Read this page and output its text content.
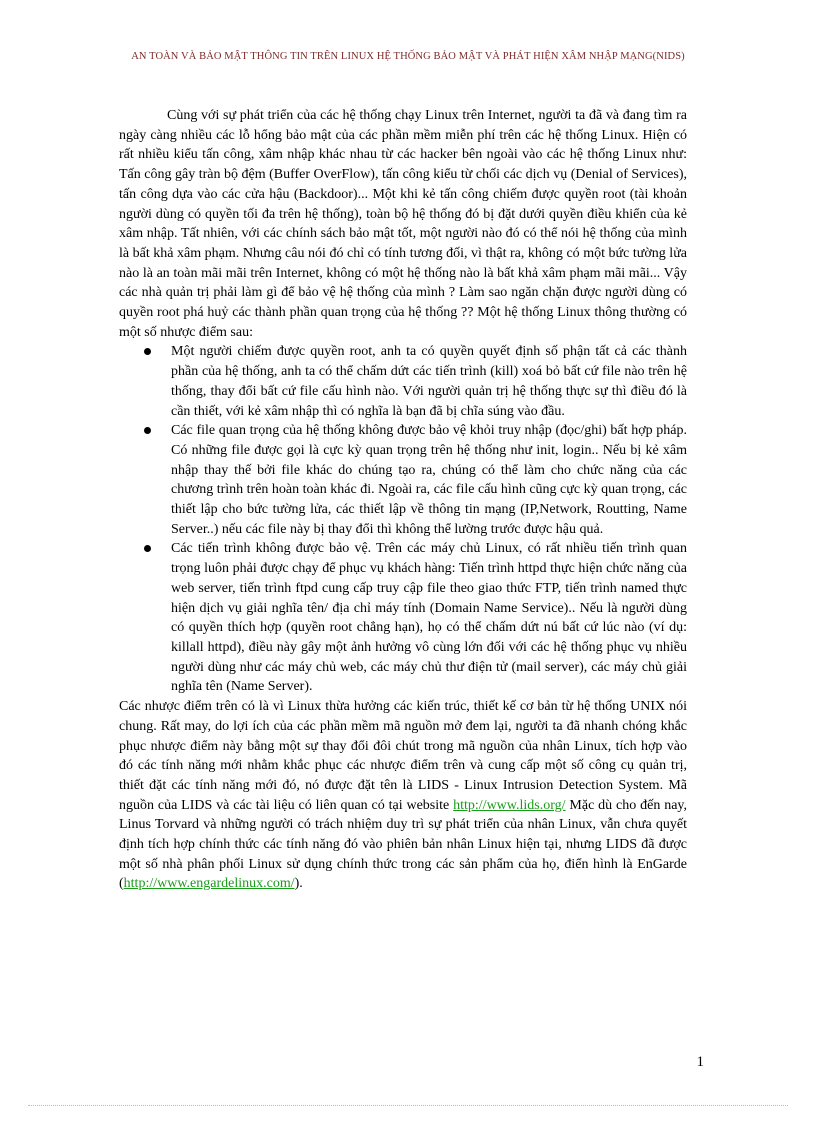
AN TOÀN VÀ BẢO MẬT THÔNG TIN TRÊN LINUX HỆ THỐNG BẢO MẬT VÀ PHÁT HIỆN XÂM NHẬP MẠNG(NIDS)

Cùng với sự phát triển của các hệ thống chạy Linux trên Internet, người ta đã và đang tìm ra ngày càng nhiều các lỗ hổng bảo mật của các phần mềm miễn phí trên các hệ thống Linux. Hiện có rất nhiều kiểu tấn công, xâm nhập khác nhau từ các hacker bên ngoài vào các hệ thống Linux như: Tấn công gây tràn bộ đệm (Buffer OverFlow), tấn công kiểu từ chối các dịch vụ (Denial of Services), tấn công dựa vào các cửa hậu (Backdoor)... Một khi kẻ tấn công chiếm được quyền root (tài khoản người dùng có quyền tối đa trên hệ thống), toàn bộ hệ thống đó bị đặt dưới quyền điều khiển của kẻ xâm nhập. Tất nhiên, với các chính sách bảo mật tốt, một người nào đó có thể nói hệ thống của mình là bất khả xâm phạm. Nhưng câu nói đó chỉ có tính tương đối, vì thật ra, không có một bức tường lửa nào là an toàn mãi mãi trên Internet, không có một hệ thống nào là bất khả xâm phạm mãi mãi... Vậy các nhà quản trị phải làm gì để bảo vệ hệ thống của mình ? Làm sao ngăn chặn được người dùng có quyền root phá huỷ các thành phần quan trọng của hệ thống ?? Một hệ thống Linux thông thường có một số nhược điểm sau:

Một người chiếm được quyền root, anh ta có quyền quyết định số phận tất cả các thành phần của hệ thống, anh ta có thể chấm dứt các tiến trình (kill) xoá bỏ bất cứ file nào trên hệ thống, thay đổi bất cứ file cấu hình nào. Với người quản trị hệ thống thực sự thì điều đó là cần thiết, với kẻ xâm nhập thì có nghĩa là bạn đã bị chĩa súng vào đầu.
Các file quan trọng của hệ thống không được bảo vệ khỏi truy nhập (đọc/ghi) bất hợp pháp. Có những file được gọi là cực kỳ quan trọng trên hệ thống như init, login.. Nếu bị kẻ xâm nhập thay thế bởi file khác do chúng tạo ra, chúng có thể làm cho chức năng của các chương trình trên hoàn toàn khác đi. Ngoài ra, các file cấu hình cũng cực kỳ quan trọng, các thiết lập cho bức tường lửa, các thiết lập về thông tin mạng (IP,Network, Routting, Name Server..) nếu các file này bị thay đổi thì không thể lường trước được hậu quả.
Các tiến trình không được bảo vệ. Trên các máy chủ Linux, có rất nhiều tiến trình quan trọng luôn phải được chạy để phục vụ khách hàng: Tiến trình httpd thực hiện chức năng của web server, tiến trình ftpd cung cấp truy cập file theo giao thức FTP, tiến trình named thực hiện dịch vụ giải nghĩa tên/ địa chỉ máy tính (Domain Name Service).. Nếu là người dùng có quyền thích hợp (quyền root chẳng hạn), họ có thể chấm dứt nú bất cứ lúc nào (ví dụ: killall httpd), điều này gây một ảnh hưởng vô cùng lớn đối với các hệ thống phục vụ nhiều người dùng như các máy chủ web, các máy chủ thư điện tử (mail server), các máy chủ giải nghĩa tên (Name Server).

Các nhược điểm trên có là vì Linux thừa hưởng các kiến trúc, thiết kế cơ bản từ hệ thống UNIX nói chung. Rất may, do lợi ích của các phần mềm mã nguồn mở đem lại, người ta đã nhanh chóng khắc phục nhược điểm này bằng một sự thay đổi đôi chút trong mã nguồn của nhân Linux, tích hợp vào đó các tính năng mới nhằm khắc phục các nhược điểm trên và cung cấp một số công cụ quản trị, thiết đặt các tính năng mới đó, nó được đặt tên là LIDS - Linux Intrusion Detection System. Mã nguồn của LIDS và các tài liệu có liên quan có tại website http://www.lids.org/ Mặc dù cho đến nay, Linus Torvard và những người có trách nhiệm duy trì sự phát triển của nhân Linux, vẫn chưa quyết định tích hợp chính thức các tính năng đó vào phiên bản nhân Linux hiện tại, nhưng LIDS đã được một số nhà phân phối Linux sử dụng chính thức trong các sản phẩm của họ, điển hình là EnGarde (http://www.engardelinux.com/).

1
